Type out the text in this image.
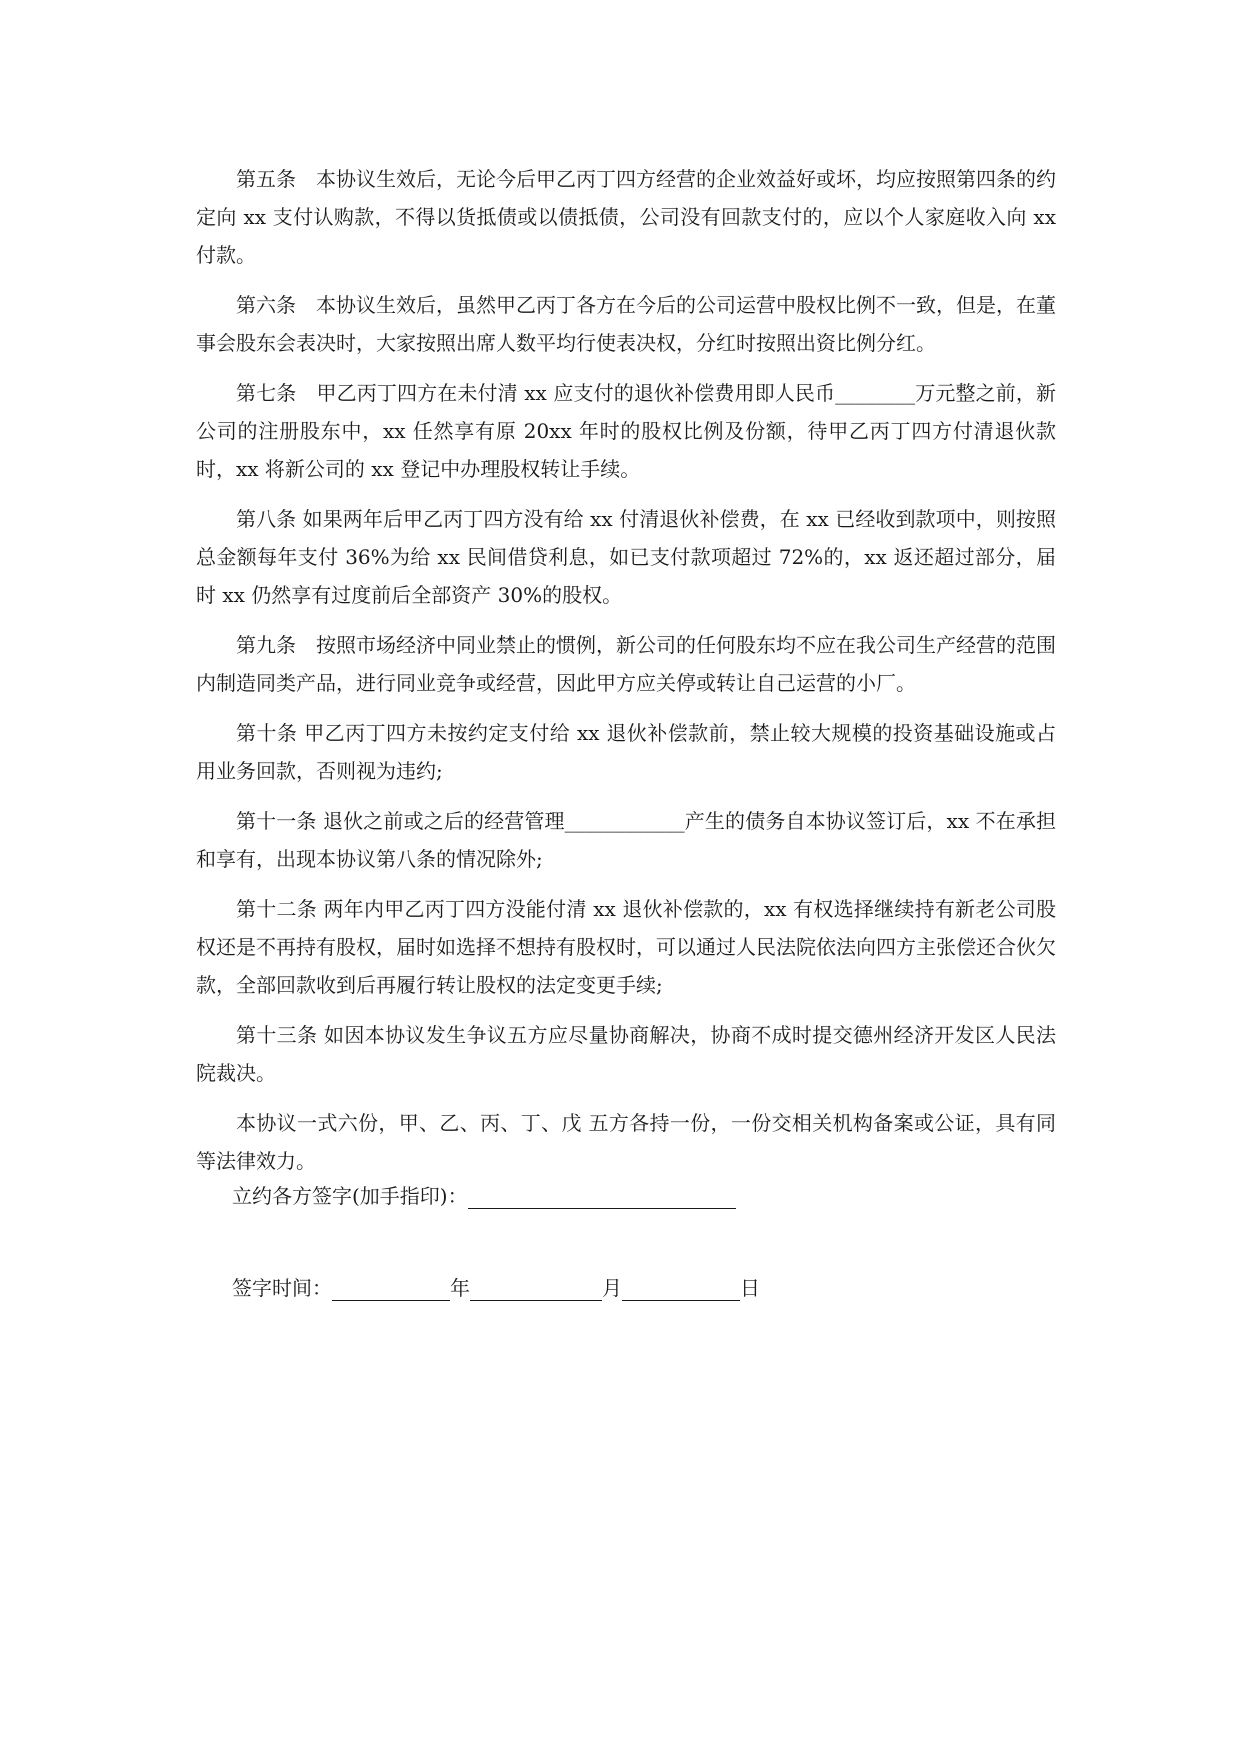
第五条　本协议生效后，无论今后甲乙丙丁四方经营的企业效益好或坏，均应按照第四条的约定向 xx 支付认购款，不得以货抵债或以债抵债，公司没有回款支付的，应以个人家庭收入向 xx 付款。

第六条　本协议生效后，虽然甲乙丙丁各方在今后的公司运营中股权比例不一致，但是，在董事会股东会表决时，大家按照出席人数平均行使表决权，分红时按照出资比例分红。

第七条　甲乙丙丁四方在未付清 xx 应支付的退伙补偿费用即人民币________万元整之前，新公司的注册股东中，xx 任然享有原 20xx 年时的股权比例及份额，待甲乙丙丁四方付清退伙款时，xx 将新公司的 xx 登记中办理股权转让手续。

第八条 如果两年后甲乙丙丁四方没有给 xx 付清退伙补偿费，在 xx 已经收到款项中，则按照总金额每年支付 36%为给 xx 民间借贷利息，如已支付款项超过 72%的，xx 返还超过部分，届时 xx 仍然享有过度前后全部资产 30%的股权。

第九条　按照市场经济中同业禁止的惯例，新公司的任何股东均不应在我公司生产经营的范围内制造同类产品，进行同业竞争或经营，因此甲方应关停或转让自己运营的小厂。

第十条 甲乙丙丁四方未按约定支付给 xx 退伙补偿款前，禁止较大规模的投资基础设施或占用业务回款，否则视为违约;

第十一条 退伙之前或之后的经营管理____________产生的债务自本协议签订后，xx 不在承担和享有，出现本协议第八条的情况除外;

第十二条 两年内甲乙丙丁四方没能付清 xx 退伙补偿款的，xx 有权选择继续持有新老公司股权还是不再持有股权，届时如选择不想持有股权时，可以通过人民法院依法向四方主张偿还合伙欠款，全部回款收到后再履行转让股权的法定变更手续;

第十三条 如因本协议发生争议五方应尽量协商解决，协商不成时提交德州经济开发区人民法院裁决。

本协议一式六份，甲、乙、丙、丁、戊 五方各持一份，一份交相关机构备案或公证，具有同等法律效力。

立约各方签字(加手指印)：
签字时间：	年	月	日
